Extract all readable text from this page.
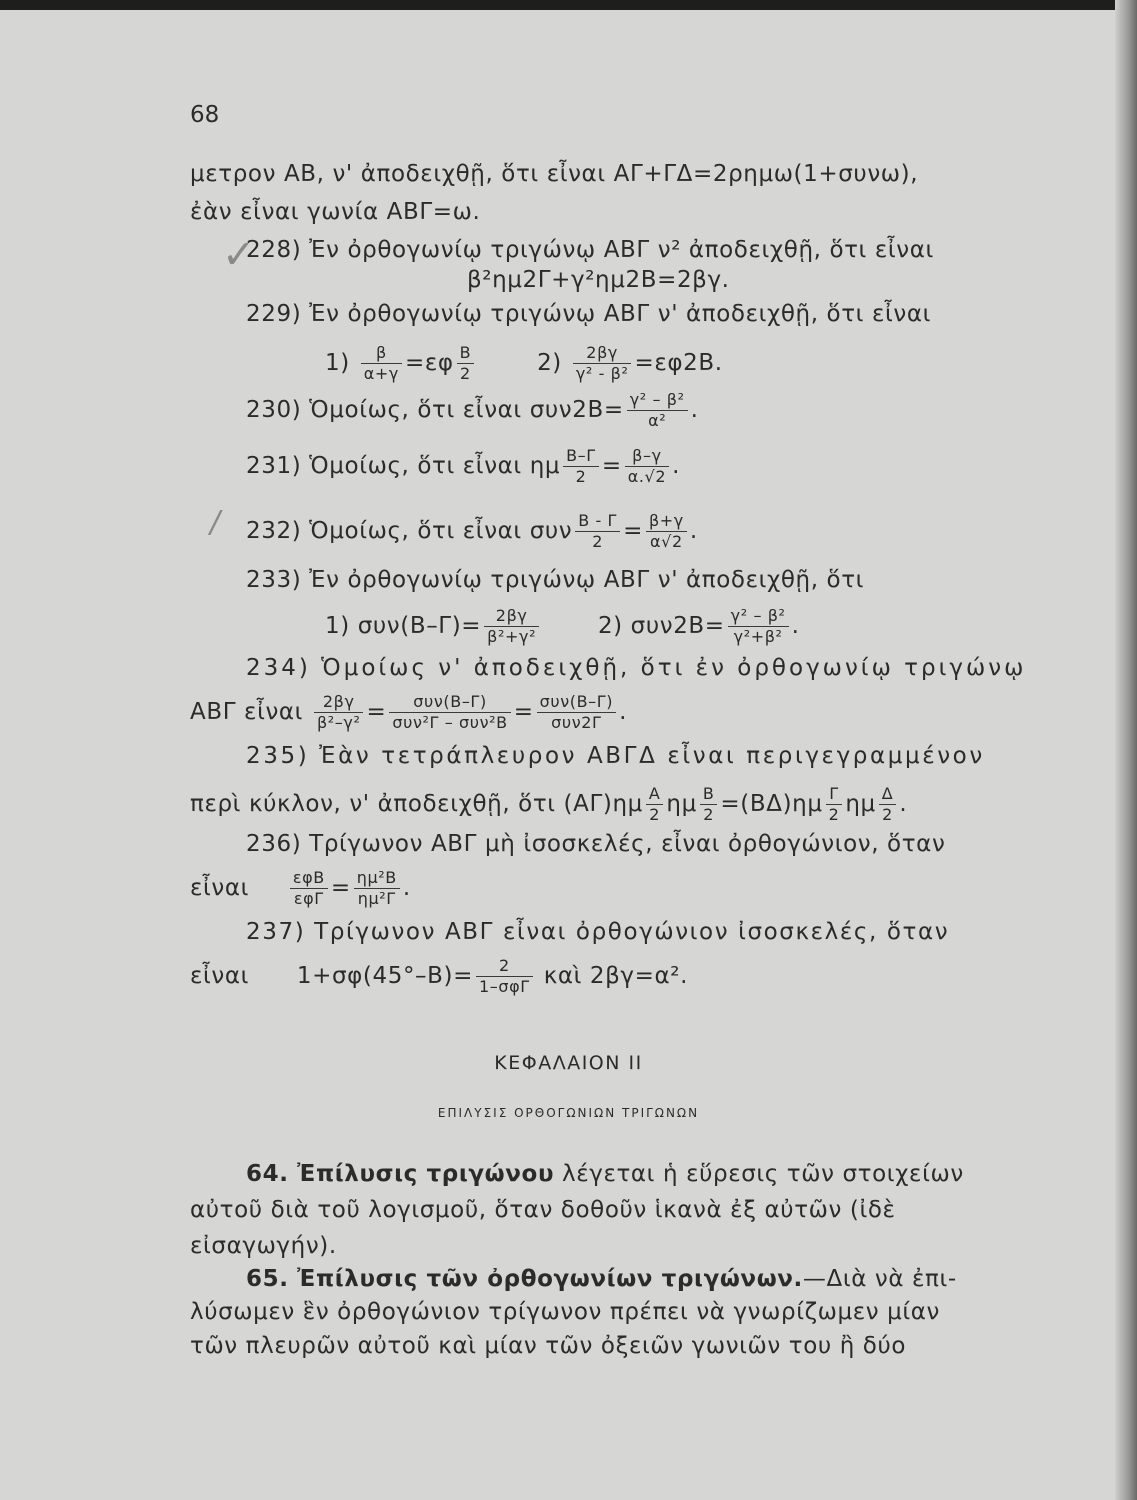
68
μετρον ΑΒ, ν' ἀποδειχθῇ, ὅτι εἶναι ΑΓ+ΓΔ=2ρημω(1+συνω),
ἐὰν εἶναι γωνία ΑΒΓ=ω.
✓
228) Ἐν ὀρθογωνίῳ τριγώνῳ ΑΒΓ ν² ἀποδειχθῇ, ὅτι εἶναι
β²ημ2Γ+γ²ημ2Β=2βγ.
229) Ἐν ὀρθογωνίῳ τριγώνῳ ΑΒΓ ν' ἀποδειχθῇ, ὅτι εἶναι
$1) \frac{\beta}{\alpha+\gamma} =\varepsilon\varphi \frac{B}{2}$	$2) \frac{2\beta\gamma}{\text{γ² - β²}} =\varepsilon\varphi 2B$.
230) Ὁμοίως, ὅτι εἶναι $\sigma\upsilon\nu 2B= \frac{\text{γ² – β²}}{\text{α²}}$ .
231) Ὁμοίως, ὅτι εἶναι ημ $\frac{B-\Gamma}{2} = \frac{\beta-\gamma}{\alpha.√2}$ .
/ 232) Ὁμοίως, ὅτι εἶναι συν $\frac{B - \Gamma}{2} = \frac{\beta+\gamma}{\alpha√2}$ .
233) Ἐν ὀρθογωνίῳ τριγώνῳ ΑΒΓ ν' ἀποδειχθῇ, ὅτι
1) $\sigma\upsilon\nu(B-\Gamma)= \frac{2\beta\gamma}{\text{β²+γ²}}$	2) $\sigma\upsilon\nu 2B= \frac{\text{γ² – β²}}{\text{γ²+β²}}$ .
234) Ὁμοίως ν' ἀποδειχθῇ, ὅτι ἐν ὀρθογωνίῳ τριγώνῳ
ΑΒΓ εἶναι $\frac{2\beta\gamma}{\text{β²–γ²}} = \frac{\text{συν(Β–Γ)}}{\text{συν²Γ – συν²Β}} = \frac{\text{συν(Β–Γ)}}{\text{συν2Γ}}$ .
235) Ἐὰν τετράπλευρον ΑΒΓΔ εἶναι περιγεγραμμένον
περὶ κύκλον, ν' ἀποδειχθῇ, ὅτι $(A\Gamma)\eta\mu \frac{A}{2}$ ημ $\frac{B}{2} =(B\Delta)\eta\mu \frac{\Gamma}{2}$ ημ $\frac{\Delta}{2}$ .
236) Τρίγωνον ΑΒΓ μὴ ἰσοσκελές, εἶναι ὀρθογώνιον, ὅταν
εἶναι	$\frac{\text{εφΒ}}{\text{εφΓ}} = \frac{\text{ημ²Β}}{\text{ημ²Γ}}$ .
237) Τρίγωνον ΑΒΓ εἶναι ὀρθογώνιον ἰσοσκελές, ὅταν
εἶναι $1+\sigma\varphi(45^\circ-B)= \frac{2}{\text{1–σφΓ}}$ καὶ 2βγ=α².
ΚΕΦΑΛΑΙΟΝ ΙΙ
ΕΠΙΛΥΣΙΣ ΟΡΘΟΓΩΝΙΩΝ ΤΡΙΓΩΝΩΝ
64. Ἐπίλυσις τριγώνου λέγεται ἡ εὕρεσις τῶν στοιχείων
αὐτοῦ διὰ τοῦ λογισμοῦ, ὅταν δοθοῦν ἱκανὰ ἐξ αὐτῶν (ἰδὲ
εἰσαγωγήν).
65. Ἐπίλυσις τῶν ὀρθογωνίων τριγώνων.—Διὰ νὰ ἐπι-
λύσωμεν ἓν ὀρθογώνιον τρίγωνον πρέπει νὰ γνωρίζωμεν μίαν
τῶν πλευρῶν αὐτοῦ καὶ μίαν τῶν ὀξειῶν γωνιῶν του ἢ δύο
